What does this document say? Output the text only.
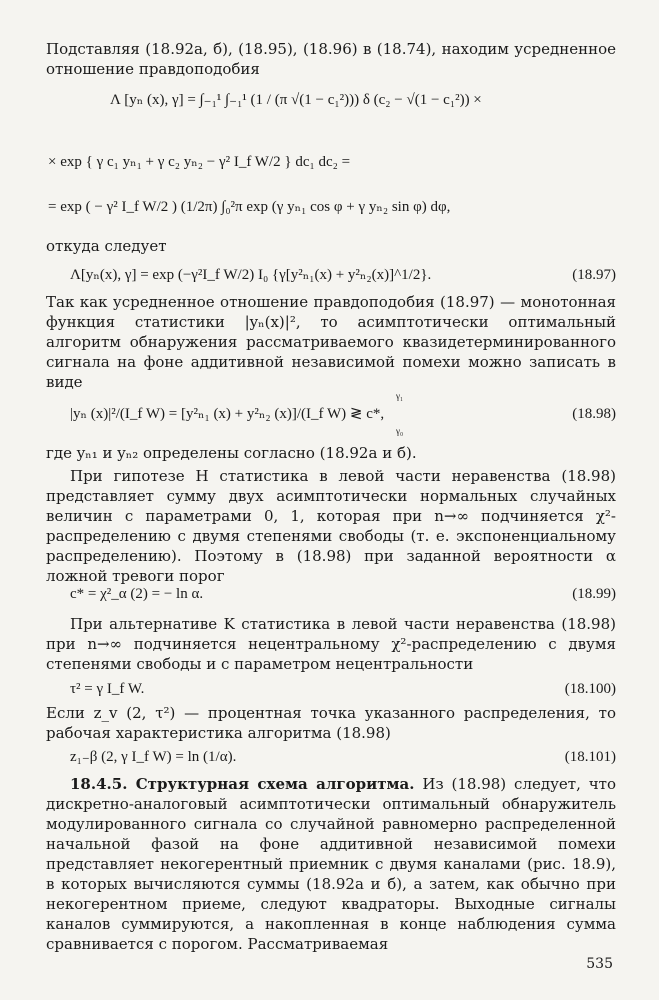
Подставляя (18.92а, б), (18.95), (18.96) в (18.74), находим усредненное отношение правдоподобия

Λ [yₙ (x), γ] = ∫₋₁¹ ∫₋₁¹ (1 / (π √(1 − c₁²))) δ (c₂ − √(1 − c₁²)) ×
× exp { γ c₁ yₙ₁ + γ c₂ yₙ₂ − γ² I_f W/2 } dc₁ dc₂ =
= exp ( − γ² I_f W/2 ) (1/2π) ∫₀²π exp (γ yₙ₁ cos φ + γ yₙ₂ sin φ) dφ,

откуда следует

Λ[yₙ(x), γ] = exp (−γ²I_f W/2) I₀ {γ[y²ₙ₁(x) + y²ₙ₂(x)]^1/2}.	(18.97)

Так как усредненное отношение правдоподобия (18.97) — монотонная функция статистики |yₙ(x)|², то асимптотически оптимальный алгоритм обнаружения рассматриваемого квазидетерминированного сигнала на фоне аддитивной независимой помехи можно записать в виде

|yₙ (x)|²/(I_f W) = [y²ₙ₁ (x) + y²ₙ₂ (x)]/(I_f W) ≷ c*,
γ₁
γ₀
(18.98)

где yₙ₁ и yₙ₂ определены согласно (18.92а и б).

При гипотезе H статистика в левой части неравенства (18.98) представляет сумму двух асимптотически нормальных случайных величин с параметрами 0, 1, которая при n→∞ подчиняется χ²-распределению с двумя степенями свободы (т. е. экспоненциальному распределению). Поэтому в (18.98) при заданной вероятности α ложной тревоги порог

c* = χ²_α (2) = − ln α.	(18.99)

При альтернативе K статистика в левой части неравенства (18.98) при n→∞ подчиняется нецентральному χ²-распределению с двумя степенями свободы и с параметром нецентральности

τ² = γ I_f W.	(18.100)

Если z_v (2, τ²) — процентная точка указанного распределения, то рабочая характеристика алгоритма (18.98)

z₁₋β (2, γ I_f W) = ln (1/α).	(18.101)

18.4.5. Структурная схема алгоритма. Из (18.98) следует, что дискретно-аналоговый асимптотически оптимальный обнаружитель модулированного сигнала со случайной равномерно распределенной начальной фазой на фоне аддитивной независимой помехи представляет некогерентный приемник с двумя каналами (рис. 18.9), в которых вычисляются суммы (18.92а и б), а затем, как обычно при некогерентном приеме, следуют квадраторы. Выходные сигналы каналов суммируются, а накопленная в конце наблюдения сумма сравнивается с порогом. Рассматриваемая

535
